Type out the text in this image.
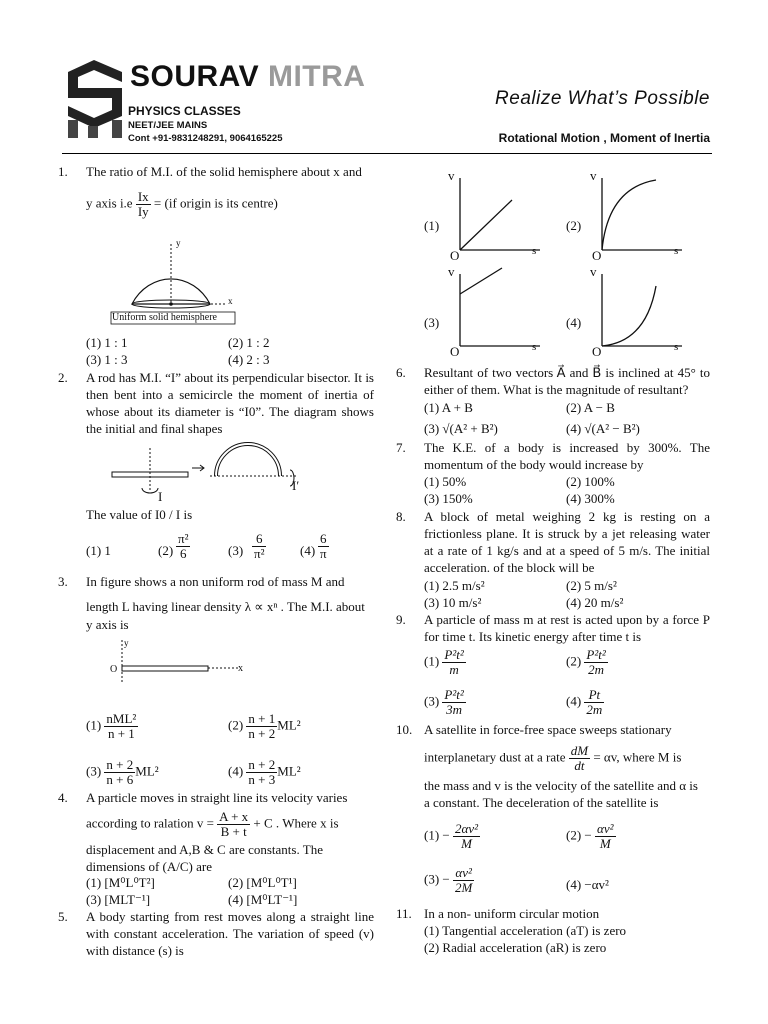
SOURAV MITRA
PHYSICS CLASSES
NEET/JEE MAINS
Cont +91-9831248291, 9064165225
Realize What’s Possible
Rotational Motion , Moment of Inertia
1. The ratio of M.I. of the solid hemisphere about x and
y axis $i.e \frac{Ix}{Iy} = (if$ origin is its centre)
y
x
Uniform solid hemisphere
(1) 1 : 1	(2) 1 : 2
(3) 1 : 3	(4) 2 : 3
2. A rod has M.I. “I” about its perpendicular bisector. It is then bent into a semicircle the moment of inertia of whose about its diameter is “I0”. The diagram shows the initial and final shapes
I
I′
The value of I0 / I is
(1) 1	$(2) \frac{\text{π²}}{6}$	$(3) \frac{6}{\text{π²}}$	$(4) \frac{6}{\pi}$
3. In figure shows a non uniform rod of mass M and
length L having linear density λ ∝ xⁿ . The M.I. about
y axis is
y
O	x
$(1) \frac{\text{nML²}}{n + 1}$	$(2) \frac{n + 1}{n + 2} ML^2$
$(3) \frac{n + 2}{n + 6} ML^2$	$(4) \frac{n + 2}{n + 3} ML^2$
4. A particle moves in straight line its velocity varies
according to ralation $v = \frac{A + x}{B + t} + C$ . Where x is
displacement and A,B & C are constants. The
dimensions of (A/C) are
(1) [M⁰L⁰T²]	(2) [M⁰L⁰T¹]
(3) [MLT⁻¹]	(4) [M⁰LT⁻¹]
5. A body starting from rest moves along a straight line with constant acceleration. The variation of speed (v) with distance (s) is
(1)	(2)
(3)	(4)
v	v
v	v
O	O
O	O
s	s
s	s
6. Resultant of two vectors A⃗ and B⃗ is inclined at 45° to either of them. What is the magnitude of resultant?
(1) A + B	(2) A − B
(3) √(A² + B²)	(4) √(A² − B²)
7. The K.E. of a body is increased by 300%. The momentum of the body would increase by
(1) 50%	(2) 100%
(3) 150%	(4) 300%
8. A block of metal weighing 2 kg is resting on a frictionless plane. It is struck by a jet releasing water at a rate of 1 kg/s and at a speed of 5 m/s. The initial acceleration. of the block will be
(1) 2.5 m/s²	(2) 5 m/s²
(3) 10 m/s²	(4) 20 m/s²
9. A particle of mass m at rest is acted upon by a force P for time t. Its kinetic energy after time t is
$(1) \frac{\text{P²t²}}{m}$	$(2) \frac{\text{P²t²}}{2m}$
$(3) \frac{\text{P²t²}}{3m}$	$(4) \frac{Pt}{2m}$
10. A satellite in force-free space sweeps stationary
interplanetary dust at a rate $\frac{dM}{dt} = \alpha v$, where M is
the mass and v is the velocity of the satellite and α is
a constant. The deceleration of the satellite is
$(1) - \frac{\text{2αv²}}{M}$	$(2) - \frac{\text{αv²}}{M}$
$(3) - \frac{\text{αv²}}{2M}$	(4) −αv²
11. In a non- uniform circular motion
(1) Tangential acceleration (aT) is zero
(2) Radial acceleration (aR) is zero
